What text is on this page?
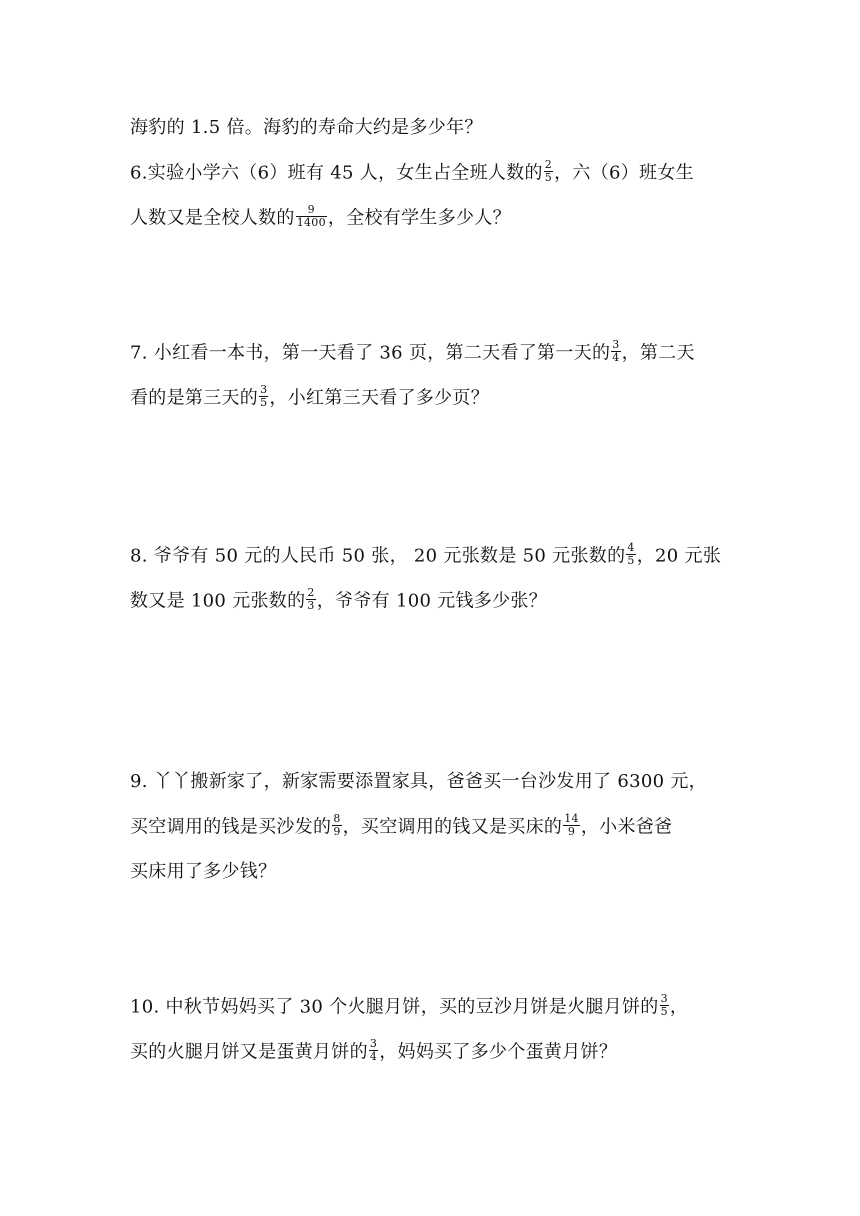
海豹的 1.5 倍。海豹的寿命大约是多少年？
6.实验小学六（6）班有 45 人，女生占全班人数的 $\frac{2}{5}$ ，六（6）班女生
人数又是全校人数的 $\frac{9}{1400}$ ，全校有学生多少人？
7. 小红看一本书，第一天看了 36 页，第二天看了第一天的 $\frac{3}{4}$ ，第二天
看的是第三天的 $\frac{3}{5}$ ，小红第三天看了多少页？
8. 爷爷有 50 元的人民币 50 张， 20 元张数是 50 元张数的 $\frac{4}{5}$ ，20 元张
数又是 100 元张数的 $\frac{2}{3}$ ，爷爷有 100 元钱多少张？
9. 丫丫搬新家了，新家需要添置家具，爸爸买一台沙发用了 6300 元，
买空调用的钱是买沙发的 $\frac{8}{9}$ ，买空调用的钱又是买床的 $\frac{14}{9}$ ，小米爸爸
买床用了多少钱？
10. 中秋节妈妈买了 30 个火腿月饼，买的豆沙月饼是火腿月饼的 $\frac{3}{5}$ ，
买的火腿月饼又是蛋黄月饼的 $\frac{3}{4}$ ，妈妈买了多少个蛋黄月饼？
